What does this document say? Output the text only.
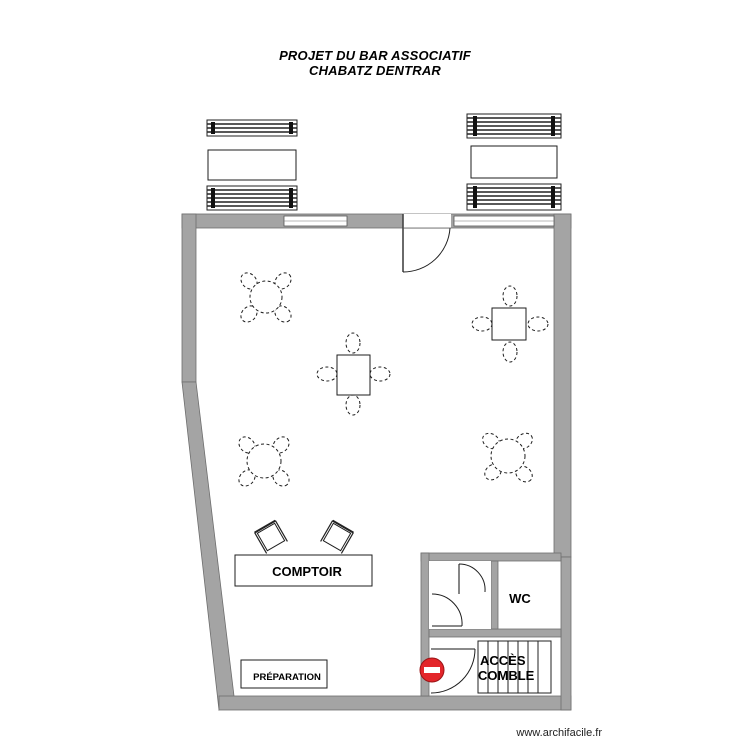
PROJET DU BAR ASSOCIATIF
CHABATZ DENTRAR
COMPTOIR
PRÉPARATION
WC
ACCÈS
COMBLE
www.archifacile.fr
